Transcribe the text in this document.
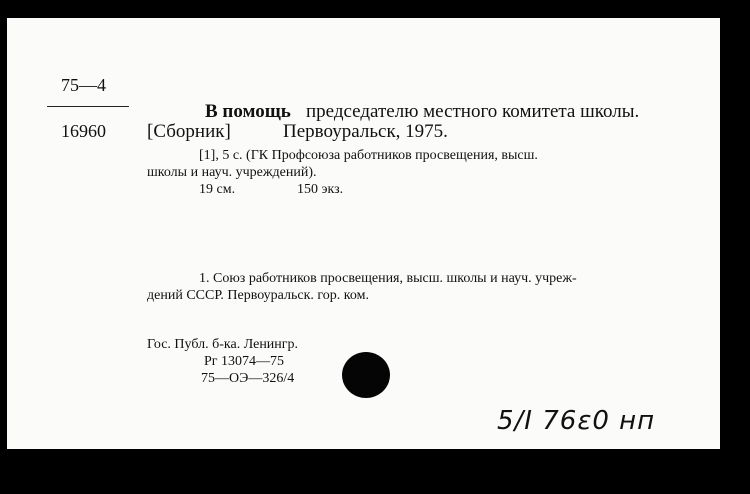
75—4
16960
В помощь председателю местного комитета школы.
[Сборник]	Первоуральск, 1975.
[1], 5 с. (ГК Профсоюза работников просвещения, высш.
школы и науч. учреждений).
19 см.	150 экз.
1. Союз работников просвещения, высш. школы и науч. учреж-
дений СССР. Первоуральск. гор. ком.
Гос. Публ. б-ка. Ленингр.
Рг 13074—75
75—ОЭ—326/4
5/I 76ε0 нп
